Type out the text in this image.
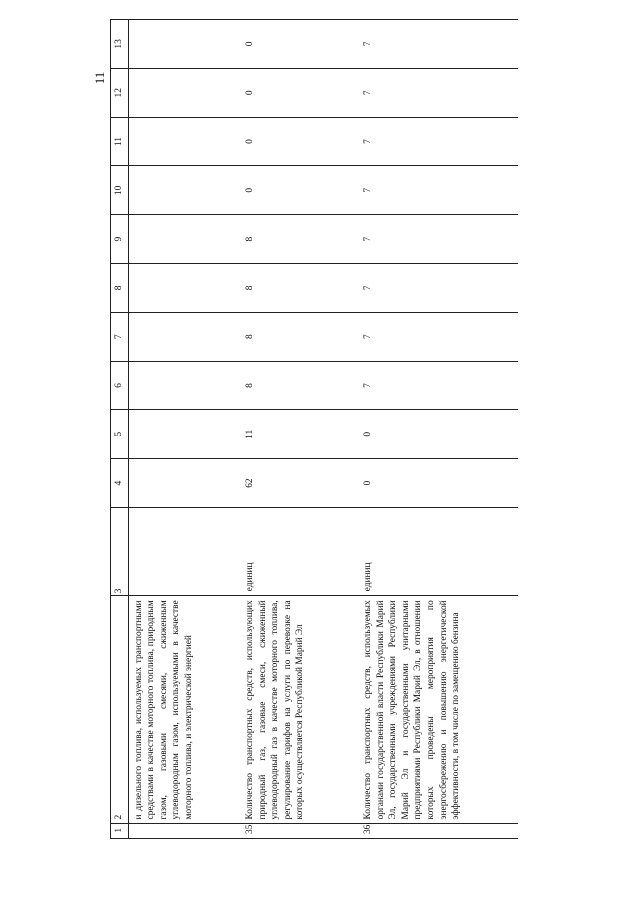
11
1	2	3	4	5	6	7	8	9	10	11	12	13
	и дизельного топлива, используемых транспортными средствами в качестве моторного топлива, природным газом, газовыми смесями, сжиженным углеводородным газом, используемыми в качестве моторного топлива, и электрической энергией											
35.	Количество транспортных средств, использующих природный газ, газовые смеси, сжиженный углеводородный газ в качестве моторного топлива, регулирование тарифов на услуги по перевозке на которых осуществляется Республикой Марий Эл	единиц	62	11	8	8	8	8	0	0	0	0
36.	Количество транспортных средств, используемых органами государственной власти Республики Марий Эл, государственными учреждениями Республики Марий Эл и государственными унитарными предприятиями Республики Марий Эл, в отношении которых проведены мероприятия по энергосбережению и повышению энергетической эффективности, в том числе по замещению бензина	единиц	0	0	7	7	7	7	7	7	7	7
